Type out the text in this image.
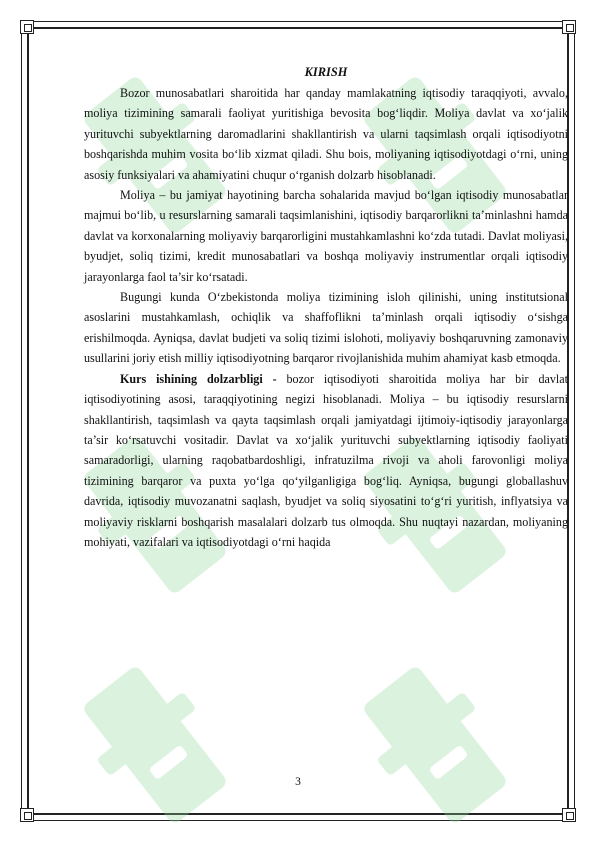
KIRISH

Bozor munosabatlari sharoitida har qanday mamlakatning iqtisodiy taraqqiyoti, avvalo, moliya tizimining samarali faoliyat yuritishiga bevosita bog‘liqdir. Moliya davlat va xo‘jalik yurituvchi subyektlarning daromadlarini shakllantirish va ularni taqsimlash orqali iqtisodiyotni boshqarishda muhim vosita bo‘lib xizmat qiladi. Shu bois, moliyaning iqtisodiyotdagi o‘rni, uning asosiy funksiyalari va ahamiyatini chuqur o‘rganish dolzarb hisoblanadi.

Moliya – bu jamiyat hayotining barcha sohalarida mavjud bo‘lgan iqtisodiy munosabatlar majmui bo‘lib, u resurslarning samarali taqsimlanishini, iqtisodiy barqarorlikni ta’minlashni hamda davlat va korxonalarning moliyaviy barqarorligini mustahkamlashni ko‘zda tutadi. Davlat moliyasi, byudjet, soliq tizimi, kredit munosabatlari va boshqa moliyaviy instrumentlar orqali iqtisodiy jarayonlarga faol ta’sir ko‘rsatadi.

Bugungi kunda O‘zbekistonda moliya tizimining isloh qilinishi, uning institutsional asoslarini mustahkamlash, ochiqlik va shaffoflikni ta’minlash orqali iqtisodiy o‘sishga erishilmoqda. Ayniqsa, davlat budjeti va soliq tizimi islohoti, moliyaviy boshqaruvning zamonaviy usullarini joriy etish milliy iqtisodiyotning barqaror rivojlanishida muhim ahamiyat kasb etmoqda.

Kurs ishining dolzarbligi - bozor iqtisodiyoti sharoitida moliya har bir davlat iqtisodiyotining asosi, taraqqiyotining negizi hisoblanadi. Moliya – bu iqtisodiy resurslarni shakllantirish, taqsimlash va qayta taqsimlash orqali jamiyatdagi ijtimoiy-iqtisodiy jarayonlarga ta’sir ko‘rsatuvchi vositadir. Davlat va xo‘jalik yurituvchi subyektlarning iqtisodiy faoliyati samaradorligi, ularning raqobatbardoshligi, infratuzilma rivoji va aholi farovonligi moliya tizimining barqaror va puxta yo‘lga qo‘yilganligiga bog‘liq. Ayniqsa, bugungi globallashuv davrida, iqtisodiy muvozanatni saqlash, byudjet va soliq siyosatini to‘g‘ri yuritish, inflyatsiya va moliyaviy risklarni boshqarish masalalari dolzarb tus olmoqda. Shu nuqtayi nazardan, moliyaning mohiyati, vazifalari va iqtisodiyotdagi o‘rni haqida

3
